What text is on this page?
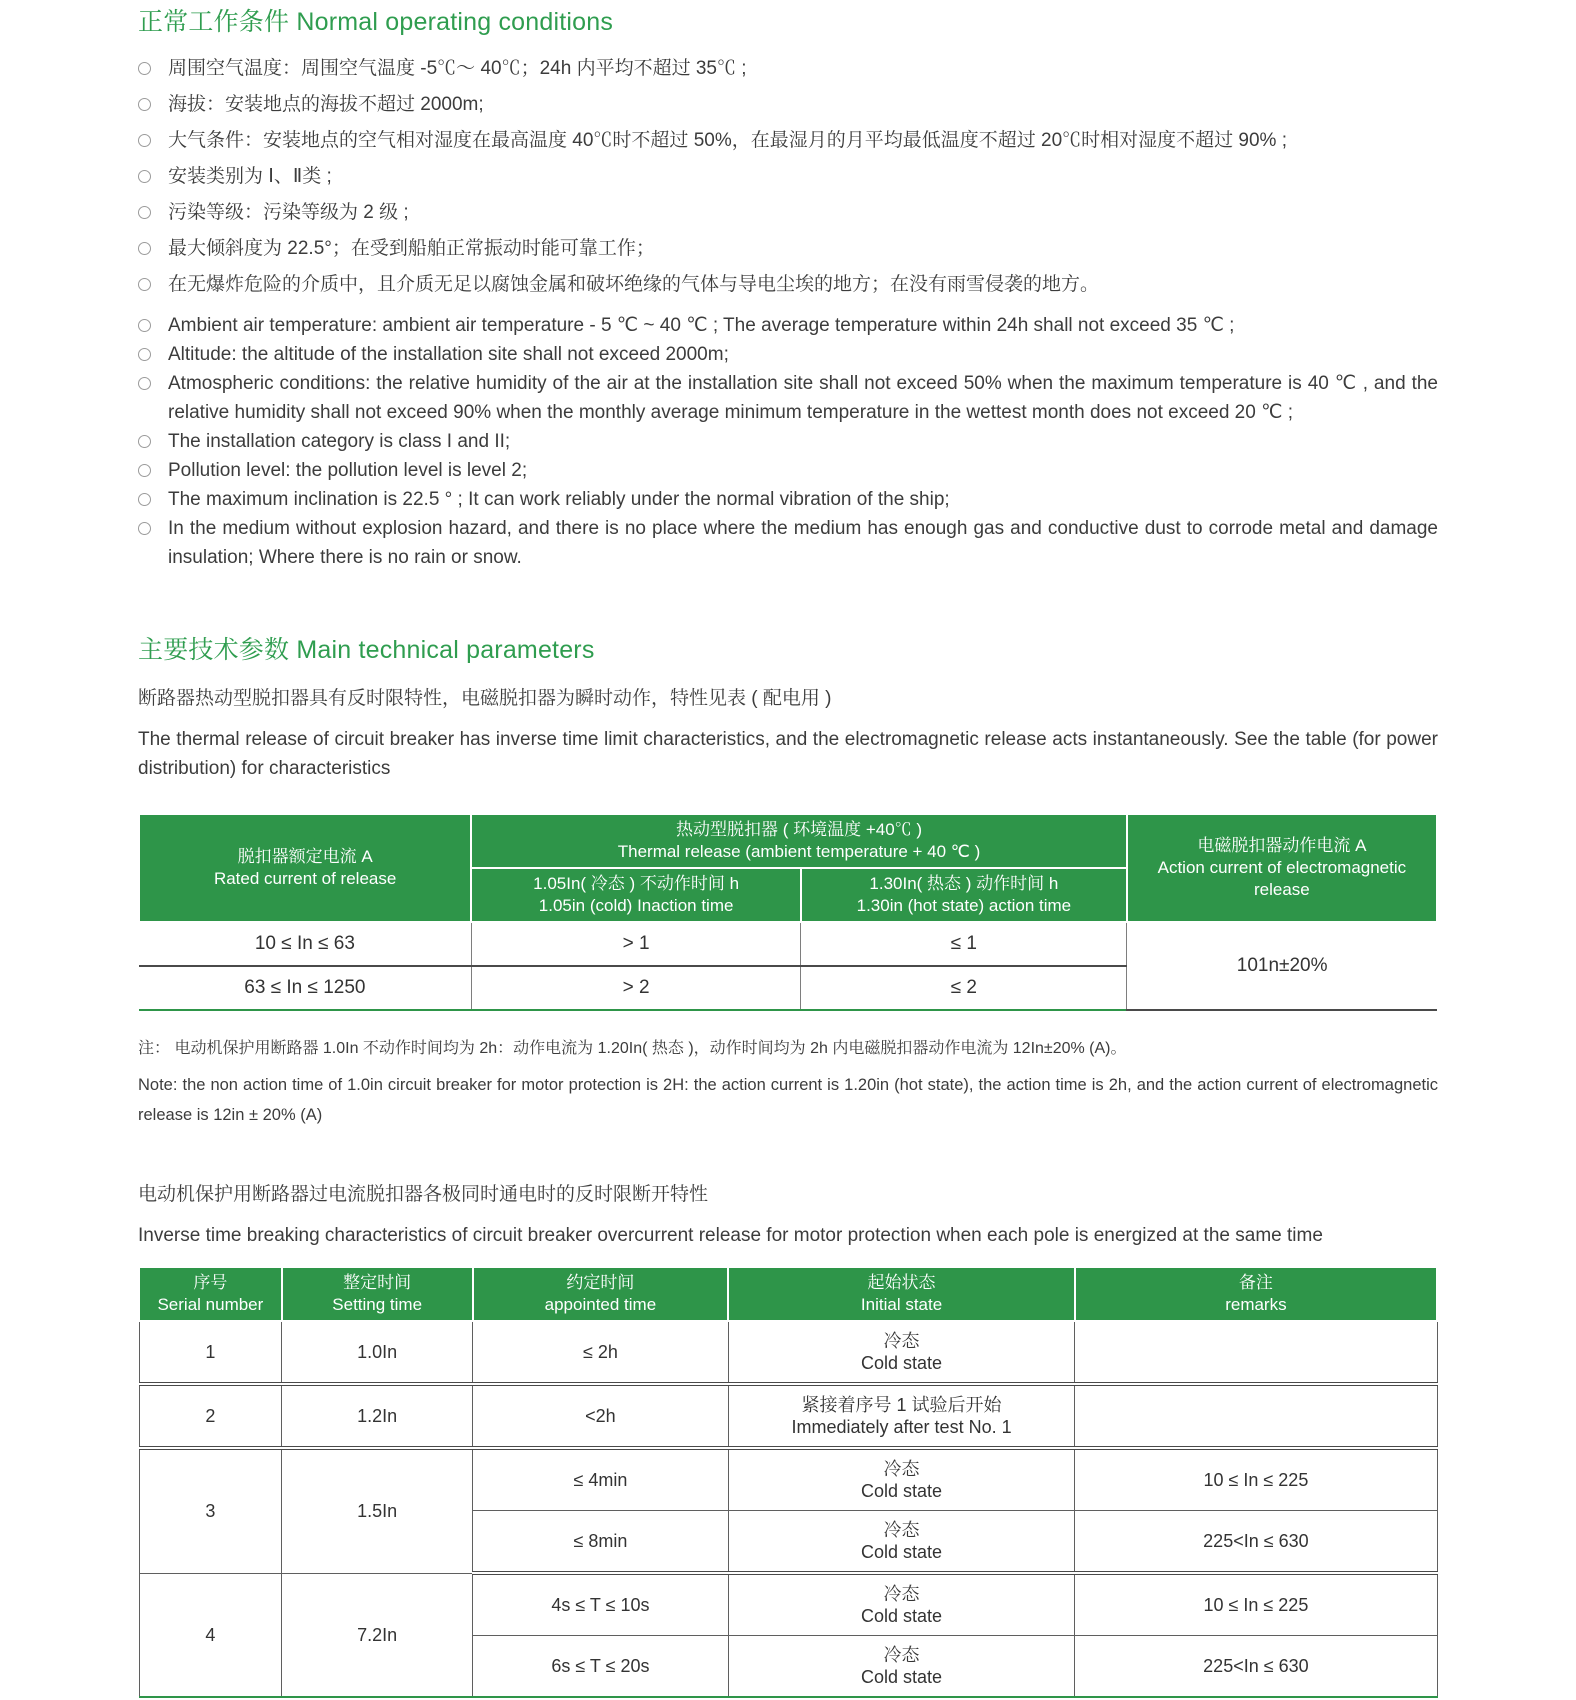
正常工作条件 Normal operating conditions
周围空气温度：周围空气温度 -5℃～ 40℃；24h 内平均不超过 35℃ ;
海拔：安装地点的海拔不超过 2000m;
大气条件：安装地点的空气相对湿度在最高温度 40℃时不超过 50%，在最湿月的月平均最低温度不超过 20℃时相对湿度不超过 90% ;
安装类别为 Ⅰ、Ⅱ类 ;
污染等级：污染等级为 2 级 ;
最大倾斜度为 22.5°；在受到船舶正常振动时能可靠工作；
在无爆炸危险的介质中，且介质无足以腐蚀金属和破坏绝缘的气体与导电尘埃的地方；在没有雨雪侵袭的地方。
Ambient air temperature: ambient air temperature - 5 ℃ ~ 40 ℃ ; The average temperature within 24h shall not exceed 35 ℃ ;
Altitude: the altitude of the installation site shall not exceed 2000m;
Atmospheric conditions: the relative humidity of the air at the installation site shall not exceed 50% when the maximum temperature is 40 ℃ , and the relative humidity shall not exceed 90% when the monthly average minimum temperature in the wettest month does not exceed 20 ℃ ;
The installation category is class I and II;
Pollution level: the pollution level is level 2;
The maximum inclination is 22.5 ° ; It can work reliably under the normal vibration of the ship;
In the medium without explosion hazard, and there is no place where the medium has enough gas and conductive dust to corrode metal and damage insulation; Where there is no rain or snow.
主要技术参数 Main technical parameters

断路器热动型脱扣器具有反时限特性，电磁脱扣器为瞬时动作，特性见表 ( 配电用 )

The thermal release of circuit breaker has inverse time limit characteristics, and the electromagnetic release acts instantaneously. See the table (for power distribution) for characteristics

脱扣器额定电流 A
Rated current of release	热动型脱扣器 ( 环境温度 +40℃ )
Thermal release (ambient temperature + 40 ℃ )		电磁脱扣器动作电流 A
Action current of electromagnetic release

	1.05In( 冷态 ) 不动作时间 h
1.05in (cold) Inaction time	1.30In( 热态 ) 动作时间 h
1.30in (hot state) action time	

10 ≤ In ≤ 63	> 1	≤ 1	101n±20%
63 ≤ In ≤ 1250	> 2	≤ 2	

注： 电动机保护用断路器 1.0In 不动作时间均为 2h：动作电流为 1.20In( 热态 )，动作时间均为 2h 内电磁脱扣器动作电流为 12In±20% (A)。

Note: the non action time of 1.0in circuit breaker for motor protection is 2H: the action current is 1.20in (hot state), the action time is 2h, and the action current of electromagnetic release is 12in ± 20% (A)

电动机保护用断路器过电流脱扣器各极同时通电时的反时限断开特性

Inverse time breaking characteristics of circuit breaker overcurrent release for motor protection when each pole is energized at the same time

序号
Serial number	整定时间
Setting time	约定时间
appointed time	起始状态
Initial state	备注
remarks

1	1.0In	≤ 2h	冷态
Cold state	

2	1.2In	<2h	紧接着序号 1 试验后开始
Immediately after test No. 1	

3	1.5In	≤ 4min	冷态
Cold state	10 ≤ In ≤ 225
		≤ 8min	冷态
Cold state	225<In ≤ 630
4	7.2In	4s ≤ T ≤ 10s	冷态
Cold state	10 ≤ In ≤ 225
		6s ≤ T ≤ 20s	冷态
Cold state	225<In ≤ 630
